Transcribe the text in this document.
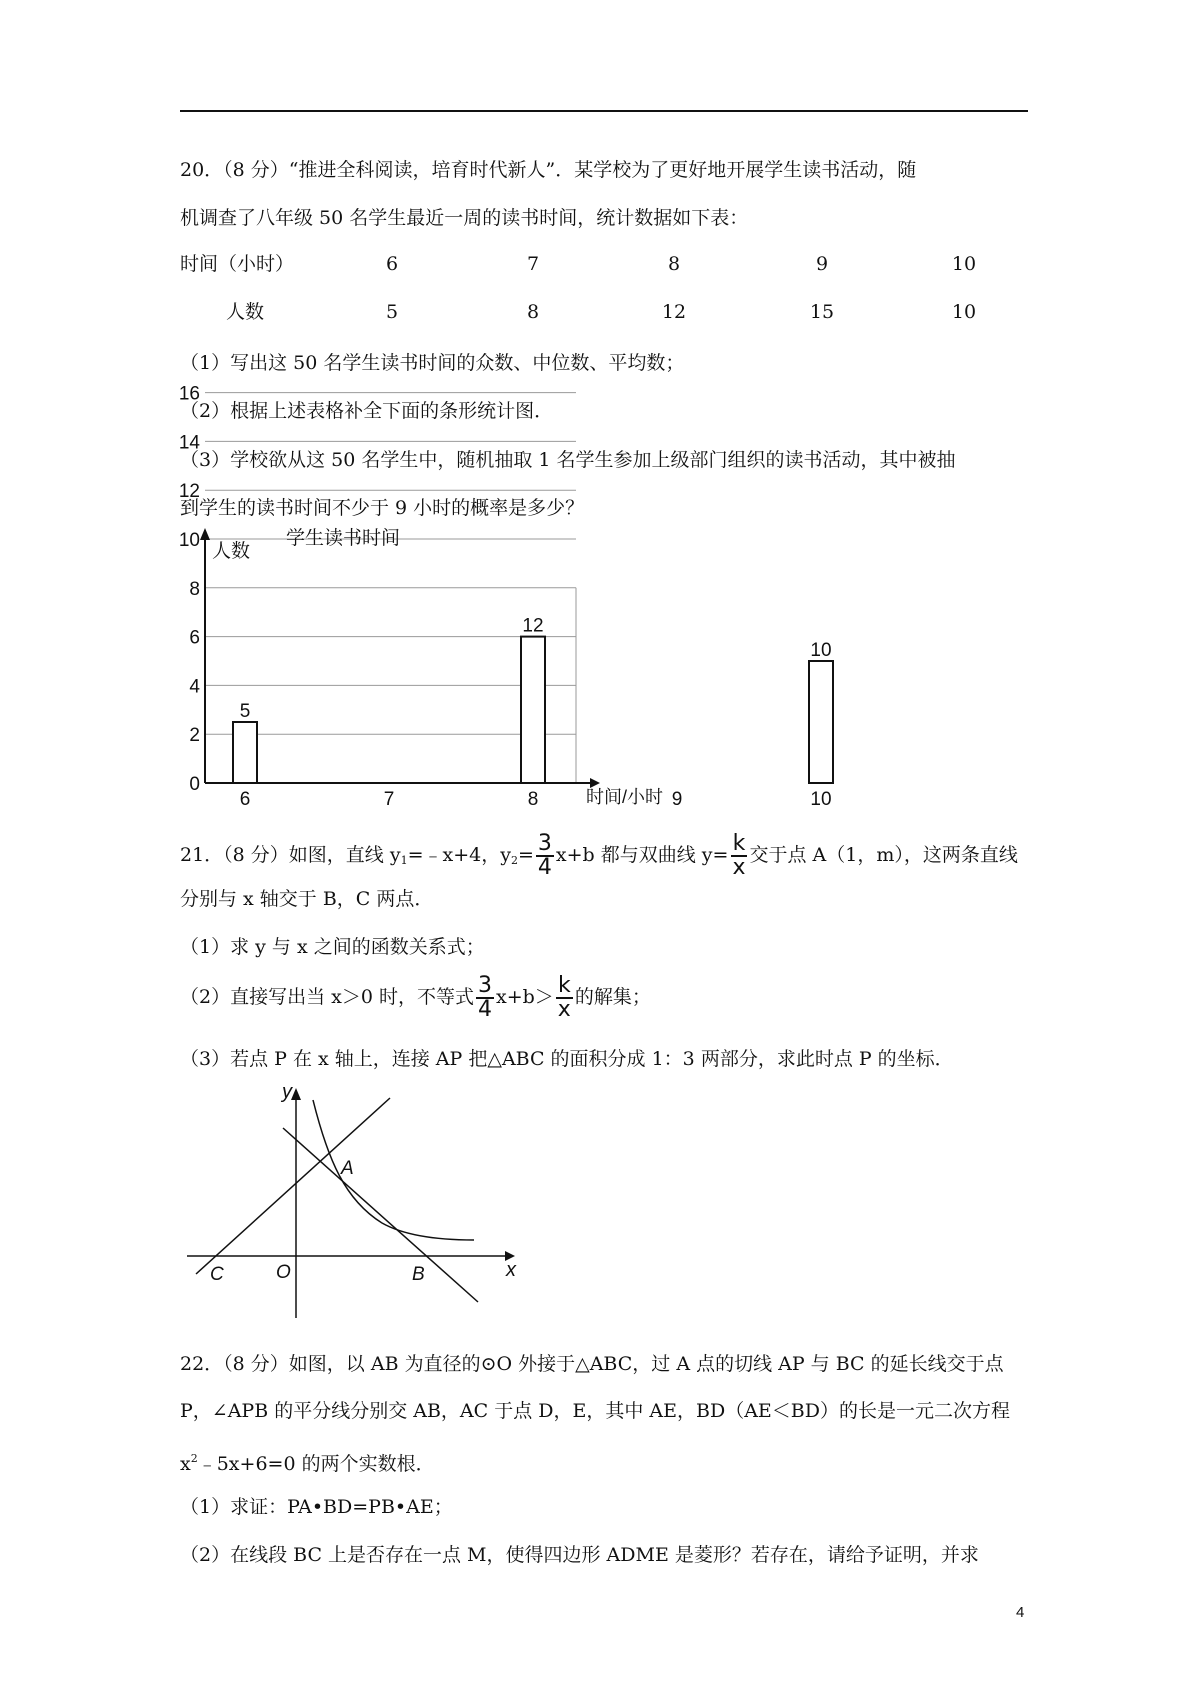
20．（8 分）“推进全科阅读，培育时代新人”．某学校为了更好地开展学生读书活动，随
机调查了八年级 50 名学生最近一周的读书时间，统计数据如下表：
时间（小时）	6	7	8	9	10
人数	5	8	12	15	10
（1）写出这 50 名学生读书时间的众数、中位数、平均数；
（2）根据上述表格补全下面的条形统计图．
（3）学校欲从这 50 名学生中，随机抽取 1 名学生参加上级部门组织的读书活动，其中被抽
到学生的读书时间不少于 9 小时的概率是多少？
0
2
4
6
8
10
12
14
16
6	7	8	9	10
5
12
10
学生读书时间
人数
时间/小时
21．（8 分）如图，直线 $y_1=﹣x+4$，$y_2= \frac{3}{4} x+b$ 都与双曲线 $y= \frac{k}{x}$ 交于点 A（1，m），这两条直线
分别与 x 轴交于 B，C 两点．
（1）求 y 与 x 之间的函数关系式；
（2）直接写出当 x＞0 时，不等式 $\frac{3}{4} x+b> \frac{k}{x}$ 的解集；
（3）若点 P 在 x 轴上，连接 AP 把△ABC 的面积分成 1：3 两部分，求此时点 P 的坐标．
y
x
A
O	B
C
22．（8 分）如图，以 AB 为直径的⊙O 外接于△ABC，过 A 点的切线 AP 与 BC 的延长线交于点
P，∠APB 的平分线分别交 AB，AC 于点 D，E，其中 AE，BD（AE＜BD）的长是一元二次方程
$x^2﹣5x+6=0$ 的两个实数根．
（1）求证：PA•BD=PB•AE；
（2）在线段 BC 上是否存在一点 M，使得四边形 ADME 是菱形？若存在，请给予证明，并求
4
